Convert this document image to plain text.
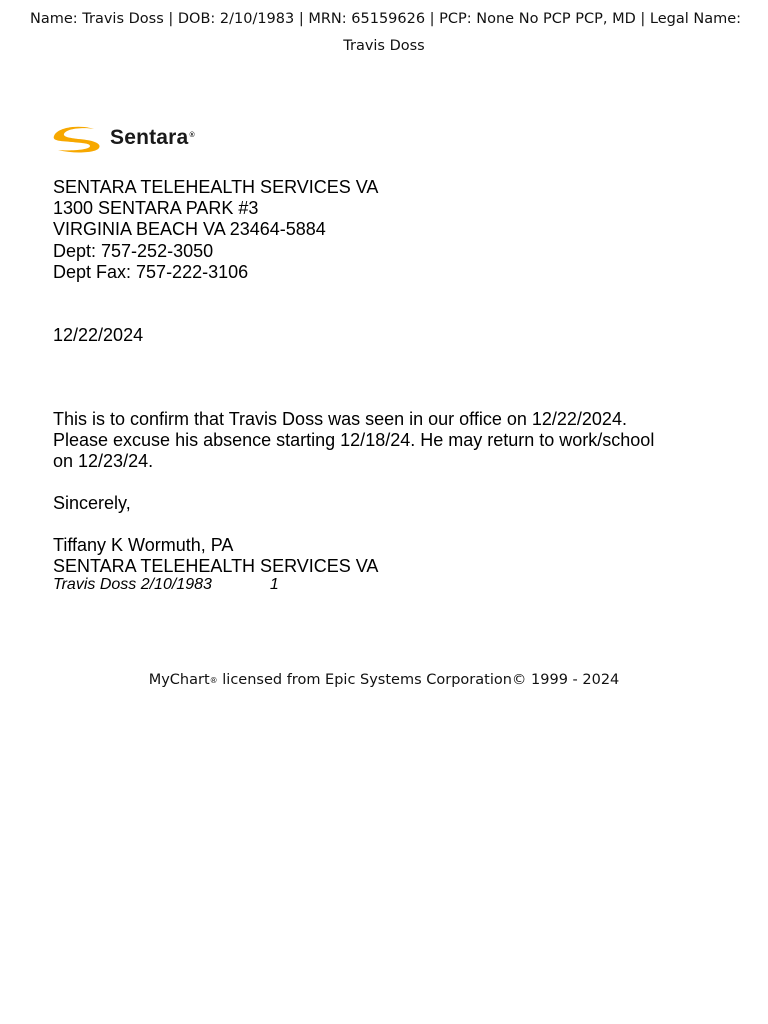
Name: Travis Doss | DOB: 2/10/1983 | MRN: 65159626 | PCP: None No PCP PCP, MD | Legal Name:
Travis Doss
Sentara®
SENTARA TELEHEALTH SERVICES VA
1300 SENTARA PARK #3
VIRGINIA BEACH VA 23464-5884
Dept: 757-252-3050
Dept Fax: 757-222-3106
12/22/2024
This is to confirm that Travis Doss was seen in our office on 12/22/2024.
Please excuse his absence starting 12/18/24. He may return to work/school
on 12/23/24.
Sincerely,
Tiffany K Wormuth, PA
SENTARA TELEHEALTH SERVICES VA
Travis Doss 2/10/1983	1
MyChart® licensed from Epic Systems Corporation© 1999 - 2024
